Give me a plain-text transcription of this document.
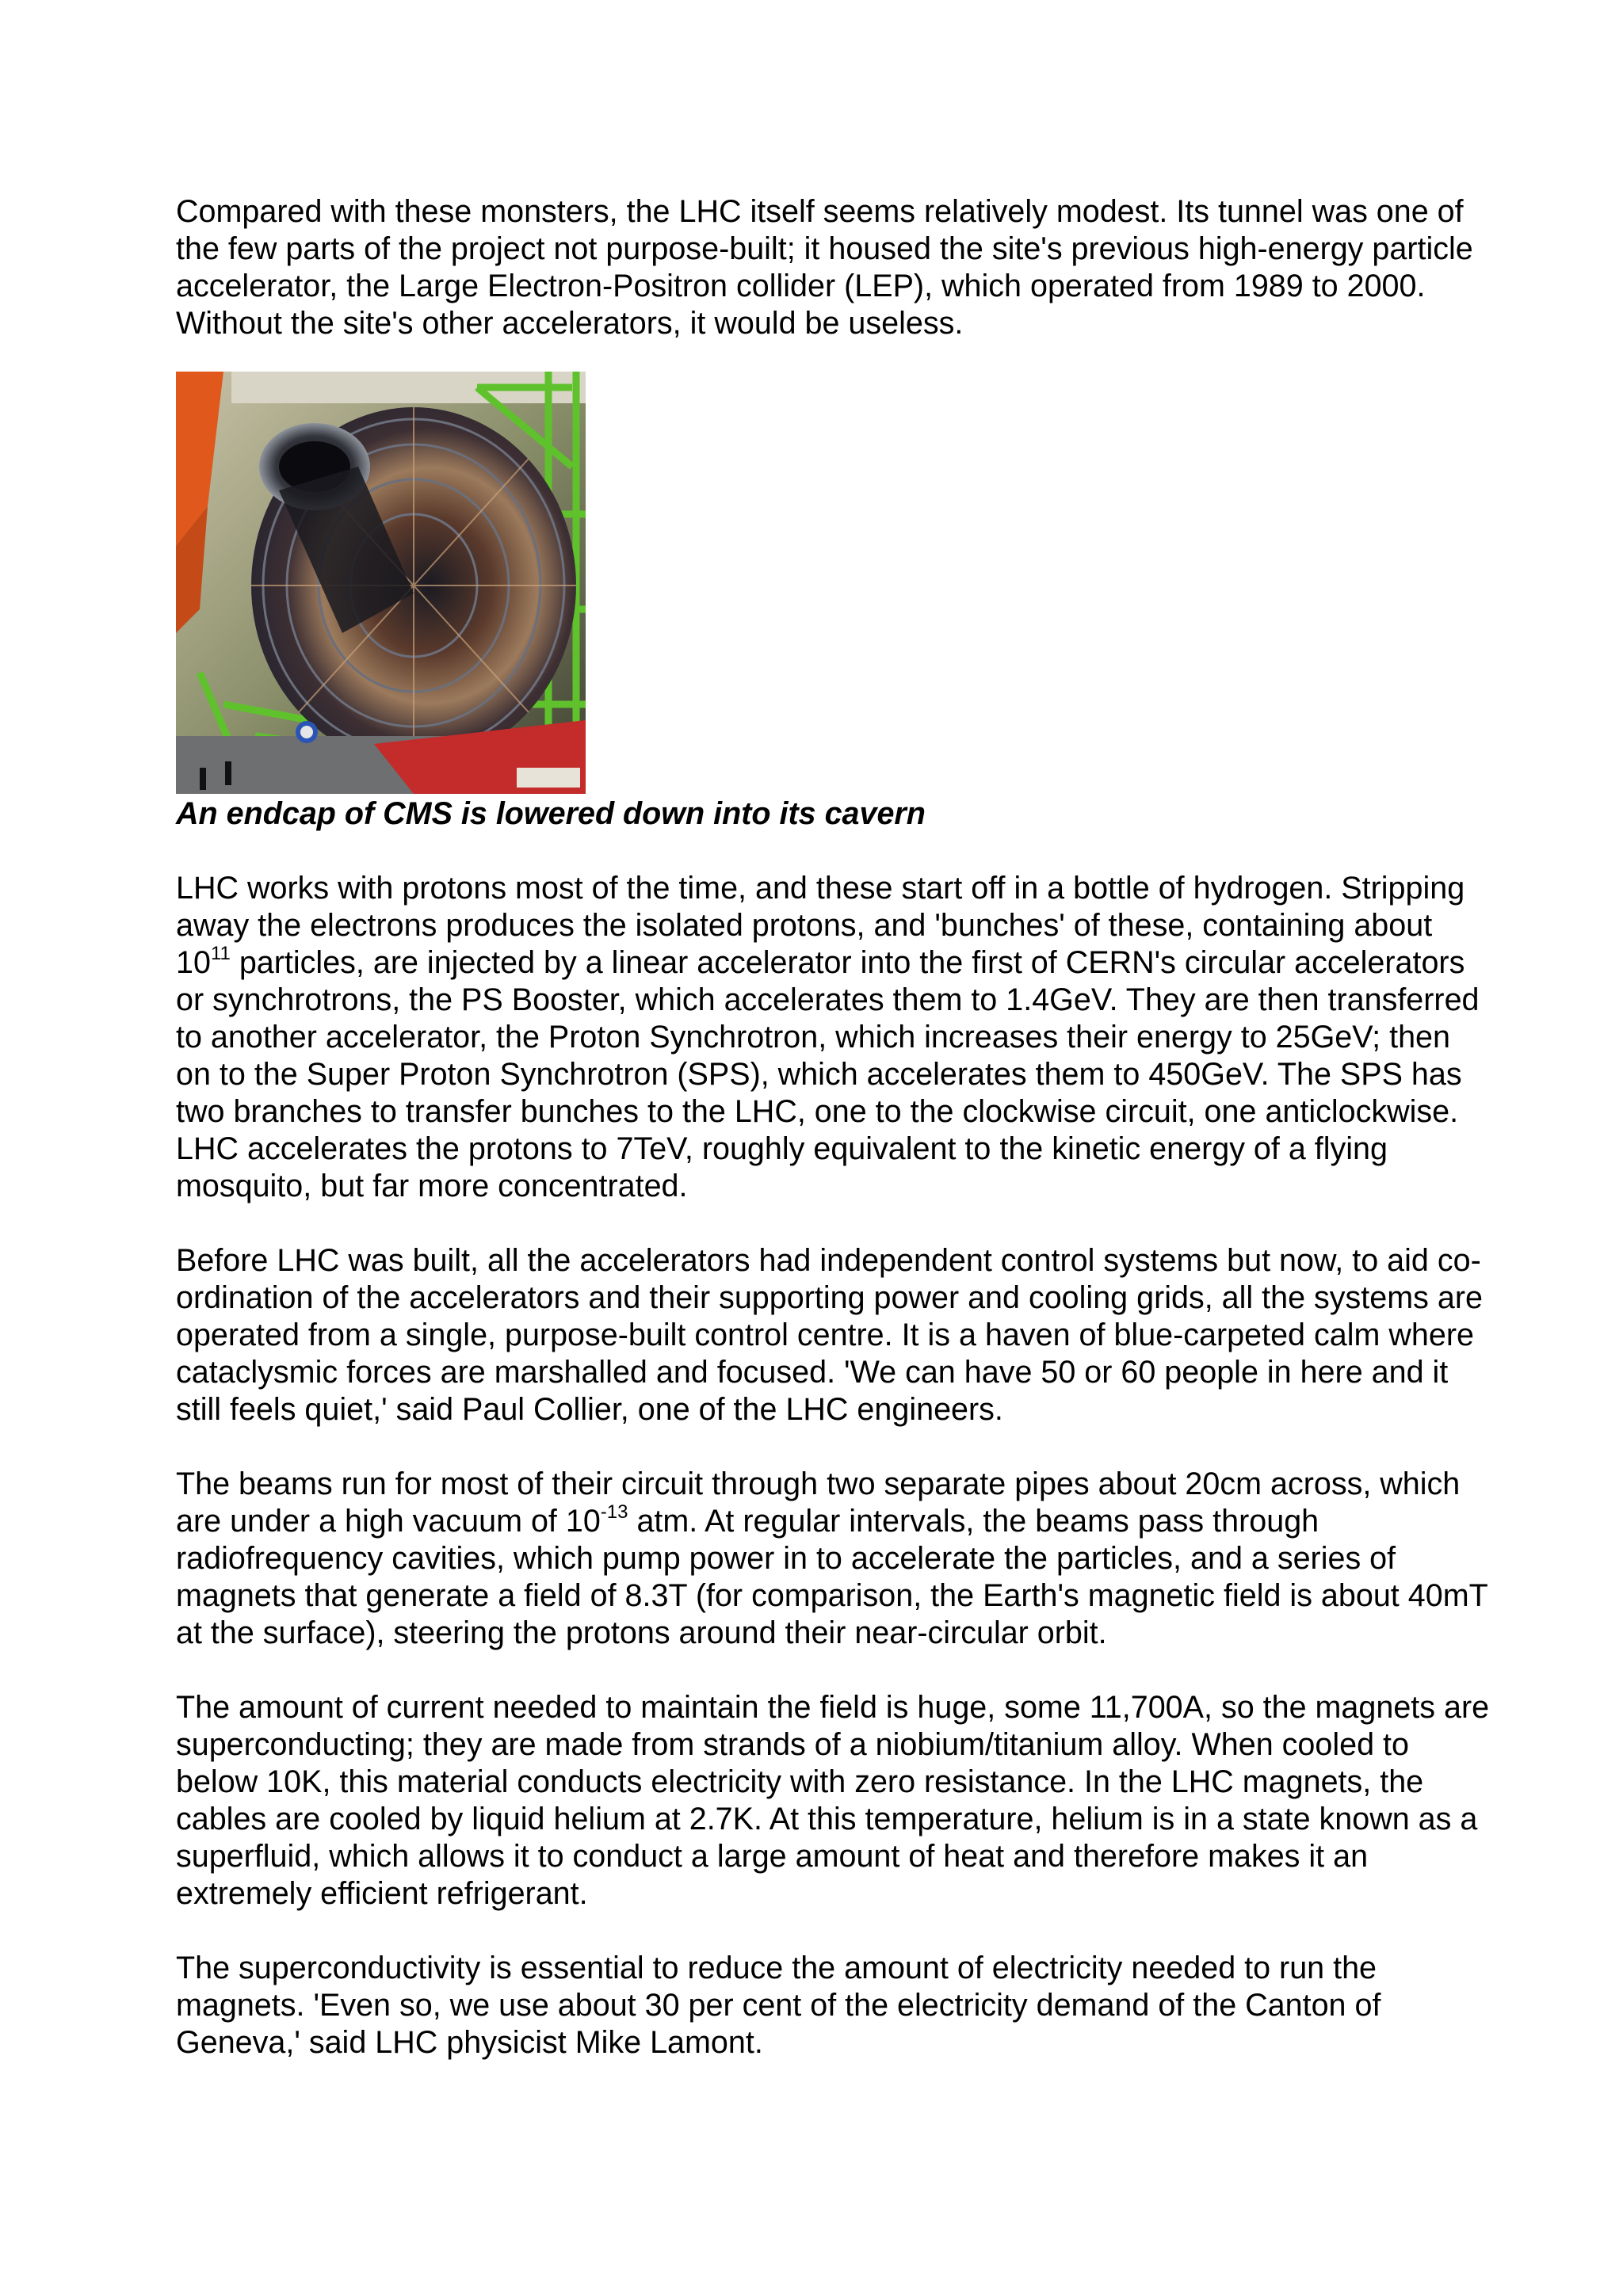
Compared with these monsters, the LHC itself seems relatively modest. Its tunnel was one of the few parts of the project not purpose-built; it housed the site's previous high-energy particle accelerator, the Large Electron-Positron collider (LEP), which operated from 1989 to 2000. Without the site's other accelerators, it would be useless.

An endcap of CMS is lowered down into its cavern

LHC works with protons most of the time, and these start off in a bottle of hydrogen. Stripping away the electrons produces the isolated protons, and 'bunches' of these, containing about $10^{11}$ particles, are injected by a linear accelerator into the first of CERN's circular accelerators or synchrotrons, the PS Booster, which accelerates them to 1.4GeV. They are then transferred to another accelerator, the Proton Synchrotron, which increases their energy to 25GeV; then on to the Super Proton Synchrotron (SPS), which accelerates them to 450GeV. The SPS has two branches to transfer bunches to the LHC, one to the clockwise circuit, one anticlockwise. LHC accelerates the protons to 7TeV, roughly equivalent to the kinetic energy of a flying mosquito, but far more concentrated.

Before LHC was built, all the accelerators had independent control systems but now, to aid co-ordination of the accelerators and their supporting power and cooling grids, all the systems are operated from a single, purpose-built control centre. It is a haven of blue-carpeted calm where cataclysmic forces are marshalled and focused. 'We can have 50 or 60 people in here and it still feels quiet,' said Paul Collier, one of the LHC engineers.

The beams run for most of their circuit through two separate pipes about 20cm across, which are under a high vacuum of $10^{-13}$ atm. At regular intervals, the beams pass through radiofrequency cavities, which pump power in to accelerate the particles, and a series of magnets that generate a field of 8.3T (for comparison, the Earth's magnetic field is about 40mT at the surface), steering the protons around their near-circular orbit.

The amount of current needed to maintain the field is huge, some 11,700A, so the magnets are superconducting; they are made from strands of a niobium/titanium alloy. When cooled to below 10K, this material conducts electricity with zero resistance. In the LHC magnets, the cables are cooled by liquid helium at 2.7K. At this temperature, helium is in a state known as a superfluid, which allows it to conduct a large amount of heat and therefore makes it an extremely efficient refrigerant.

The superconductivity is essential to reduce the amount of electricity needed to run the magnets. 'Even so, we use about 30 per cent of the electricity demand of the Canton of Geneva,' said LHC physicist Mike Lamont.
